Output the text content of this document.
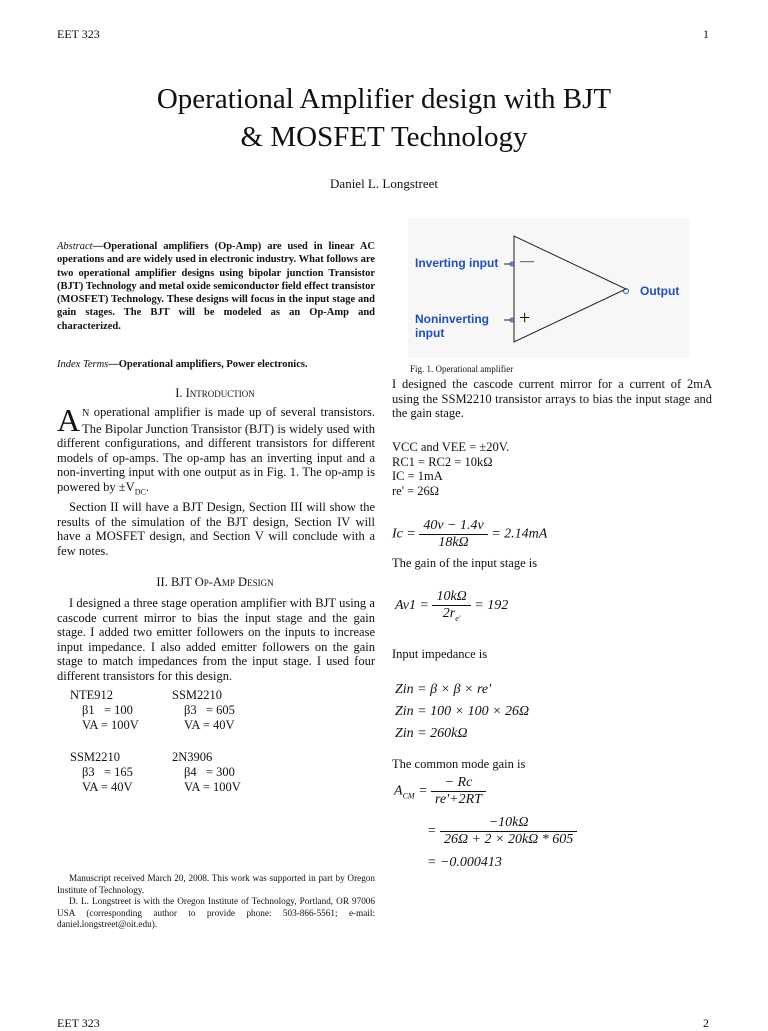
EET 323	1
Operational Amplifier design with BJT
& MOSFET Technology
Daniel L. Longstreet
Abstract—Operational amplifiers (Op-Amp) are used in linear AC operations and are widely used in electronic industry. What follows are two operational amplifier designs using bipolar junction Transistor (BJT) Technology and metal oxide semiconductor field effect transistor (MOSFET) Technology. These designs will focus in the input stage and gain stages. The BJT will be modeled as an Op-Amp and characterized.
Index Terms—Operational amplifiers, Power electronics.
I. Introduction
A N operational amplifier is made up of several transistors. The Bipolar Junction Transistor (BJT) is widely used with different configurations, and different transistors for different models of op-amps. The op-amp has an inverting input and a non-inverting input with one output as in Fig. 1. The op-amp is powered by $\pm V_{DC}$.
Section II will have a BJT Design, Section III will show the results of the simulation of the BJT design, Section IV will have a MOSFET design, and Section V will conclude with a few notes.
II. BJT Op-Amp Design
I designed a three stage operation amplifier with BJT using a cascode current mirror to bias the input stage and the gain stage. I added two emitter followers on the inputs to increase input impedance. I also added emitter followers on the gain stage to match impedances from the input stage. I used four different transistors for this design.
NTE912
β1   = 100
VA = 100V
SSM2210
β3   = 605
VA = 40V
SSM2210
β3   = 165
VA = 40V
2N3906
β4   = 300
VA = 100V
Manuscript received March 20, 2008. This work was supported in part by Oregon Institute of Technology.
D. L. Longstreet is with the Oregon Institute of Technology, Portland, OR 97006 USA (corresponding author to provide phone: 503-866-5561; e-mail: daniel.longstreet@oit.edu).
Inverting input
Noninverting
input
Output
—
+
Fig. 1. Operational amplifier
I designed the cascode current mirror for a current of 2mA using the SSM2210 transistor arrays to bias the input stage and the gain stage.
VCC and VEE = ±20V.
RC1 = RC2 = 10kΩ
IC = 1mA
re' = 26Ω
$Ic = \frac{40v - 1.4v}{18k\Omega} = 2.14mA$
The gain of the input stage is
$Av1 = \frac{10k\Omega}{2r_{e'}} = 192$
Input impedance is
Zin = β × β × re'
Zin = 100 × 100 × 26Ω
Zin = 260kΩ
The common mode gain is
$A_{CM} = \frac{- Rc}{re'+2RT}$
= $\frac{-10k\Omega}{26\Omega + 2 \times 20k\Omega * 605}$
= −0.000413
EET 323	2
